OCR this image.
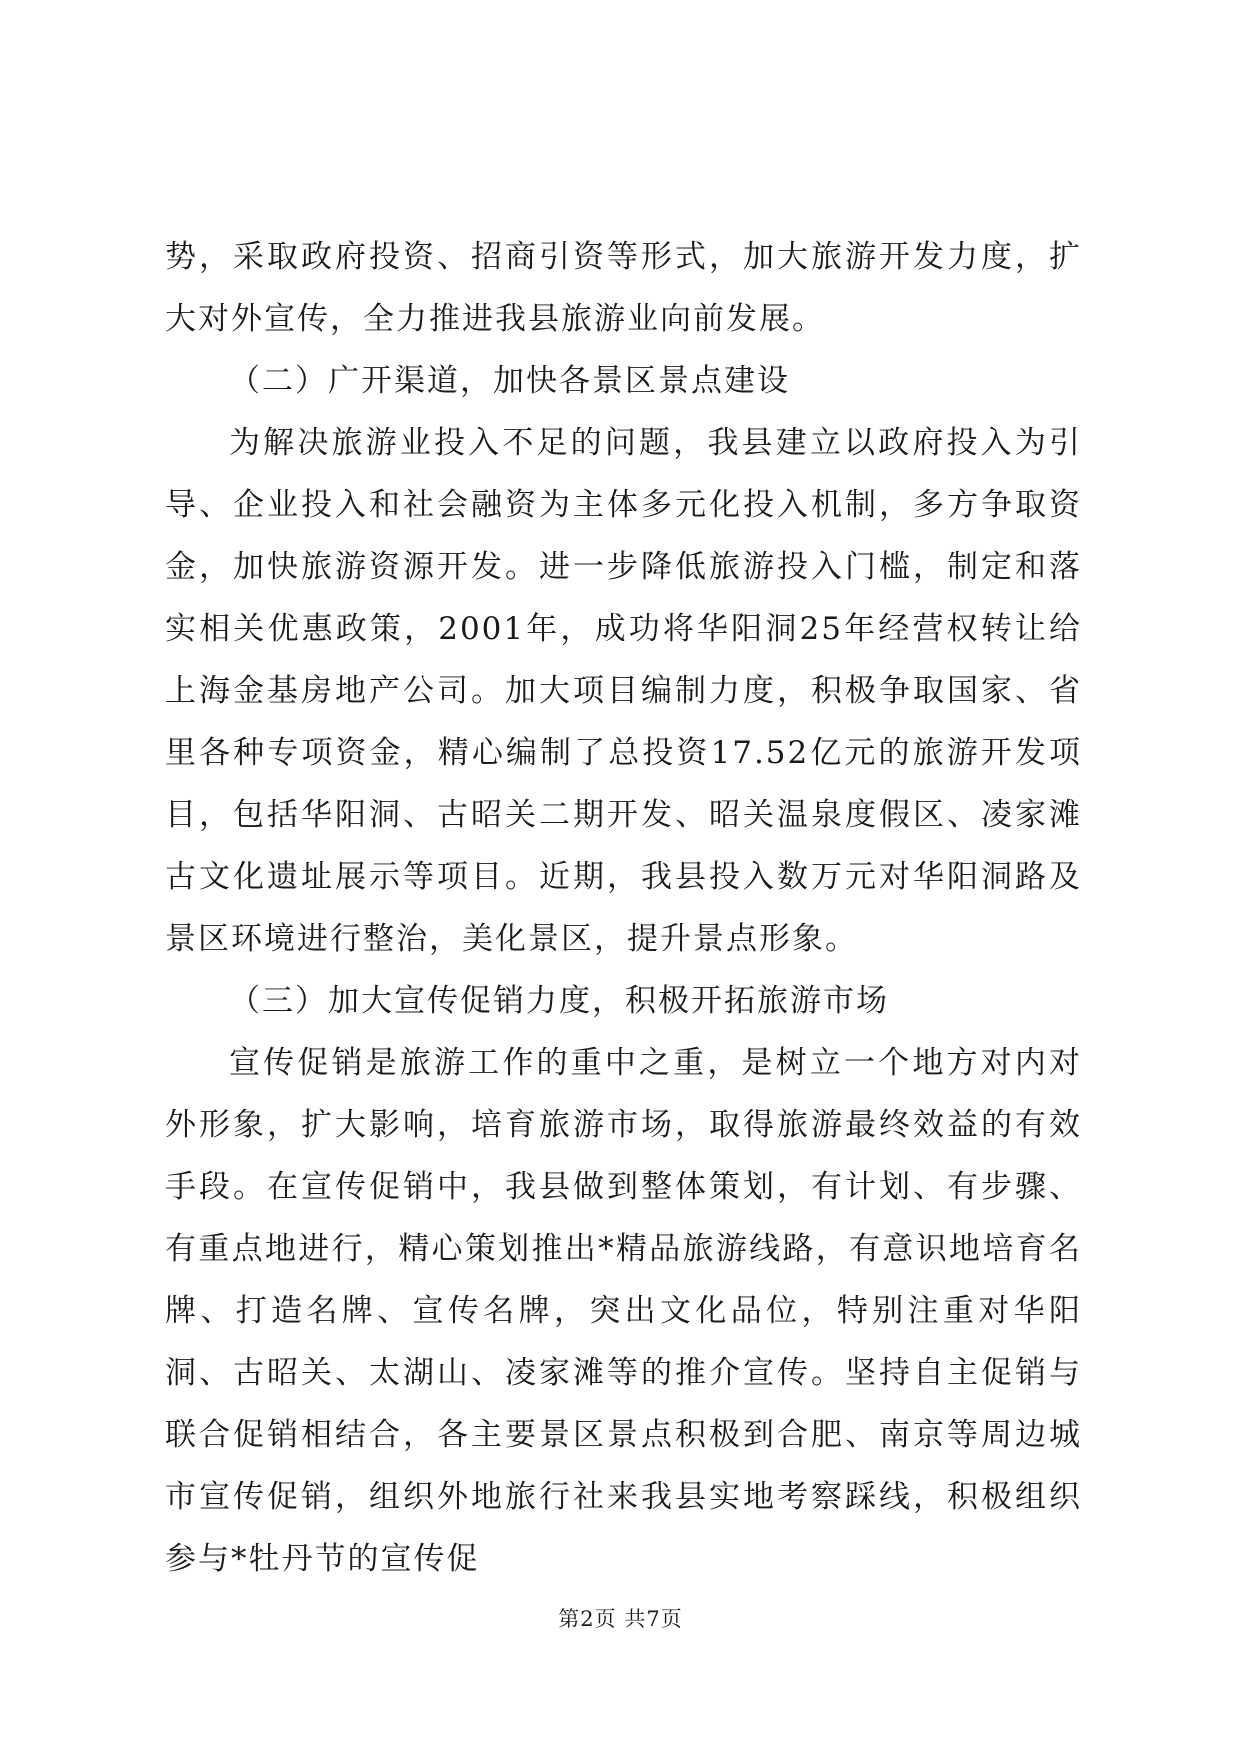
势，采取政府投资、招商引资等形式，加大旅游开发力度，扩大对外宣传，全力推进我县旅游业向前发展。

（二）广开渠道，加快各景区景点建设

为解决旅游业投入不足的问题，我县建立以政府投入为引导、企业投入和社会融资为主体多元化投入机制，多方争取资金，加快旅游资源开发。进一步降低旅游投入门槛，制定和落实相关优惠政策，2001年，成功将华阳洞25年经营权转让给上海金基房地产公司。加大项目编制力度，积极争取国家、省里各种专项资金，精心编制了总投资17.52亿元的旅游开发项目，包括华阳洞、古昭关二期开发、昭关温泉度假区、凌家滩古文化遗址展示等项目。近期，我县投入数万元对华阳洞路及景区环境进行整治，美化景区，提升景点形象。

（三）加大宣传促销力度，积极开拓旅游市场

宣传促销是旅游工作的重中之重，是树立一个地方对内对外形象，扩大影响，培育旅游市场，取得旅游最终效益的有效手段。在宣传促销中，我县做到整体策划，有计划、有步骤、有重点地进行，精心策划推出*精品旅游线路，有意识地培育名牌、打造名牌、宣传名牌，突出文化品位，特别注重对华阳洞、古昭关、太湖山、凌家滩等的推介宣传。坚持自主促销与联合促销相结合，各主要景区景点积极到合肥、南京等周边城市宣传促销，组织外地旅行社来我县实地考察踩线，积极组织参与*牡丹节的宣传促

第2页 共7页
